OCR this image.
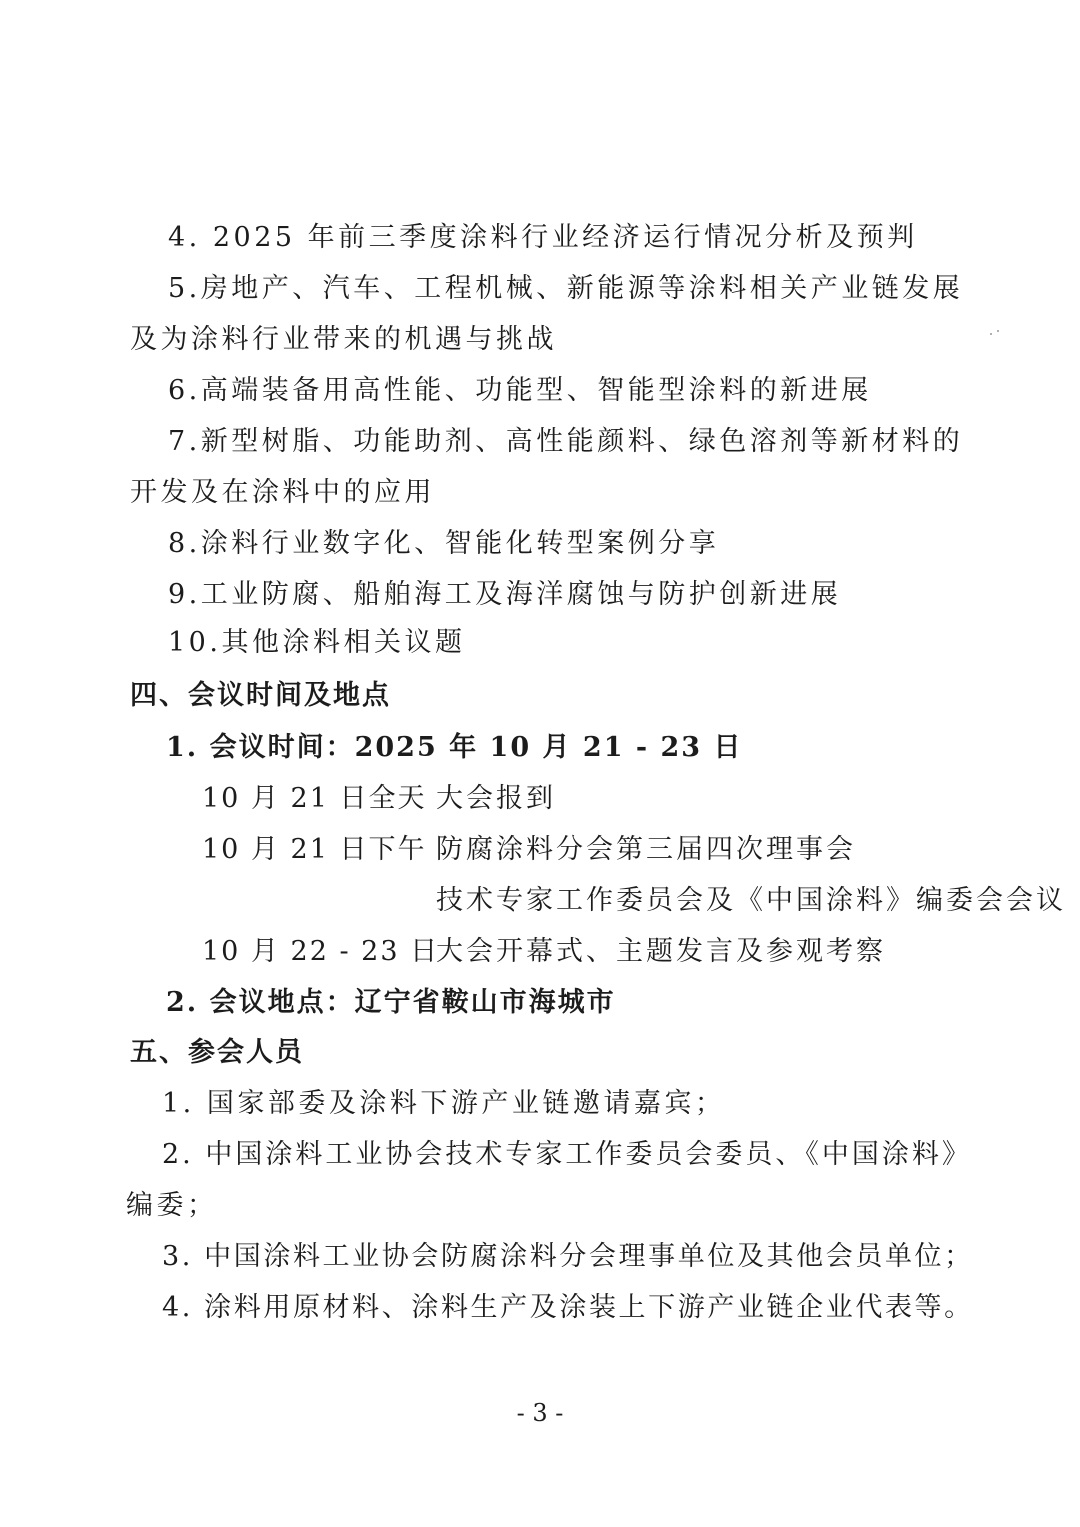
4. 2025 年前三季度涂料行业经济运行情况分析及预判
5.房地产、汽车、工程机械、新能源等涂料相关产业链发展
及为涂料行业带来的机遇与挑战
6.高端装备用高性能、功能型、智能型涂料的新进展
7.新型树脂、功能助剂、高性能颜料、绿色溶剂等新材料的
开发及在涂料中的应用
8.涂料行业数字化、智能化转型案例分享
9.工业防腐、船舶海工及海洋腐蚀与防护创新进展
10.其他涂料相关议题
四、会议时间及地点
1. 会议时间：2025 年 10 月 21 - 23 日
10 月 21 日全天 大会报到
10 月 21 日下午 防腐涂料分会第三届四次理事会
技术专家工作委员会及《中国涂料》编委会会议
10 月 22 - 23 日
大会开幕式、主题发言及参观考察
2. 会议地点：辽宁省鞍山市海城市
五、参会人员
1. 国家部委及涂料下游产业链邀请嘉宾；
2. 中国涂料工业协会技术专家工作委员会委员、《中国涂料》
编委；
3. 中国涂料工业协会防腐涂料分会理事单位及其他会员单位；
4. 涂料用原材料、涂料生产及涂装上下游产业链企业代表等。
- 3 -
